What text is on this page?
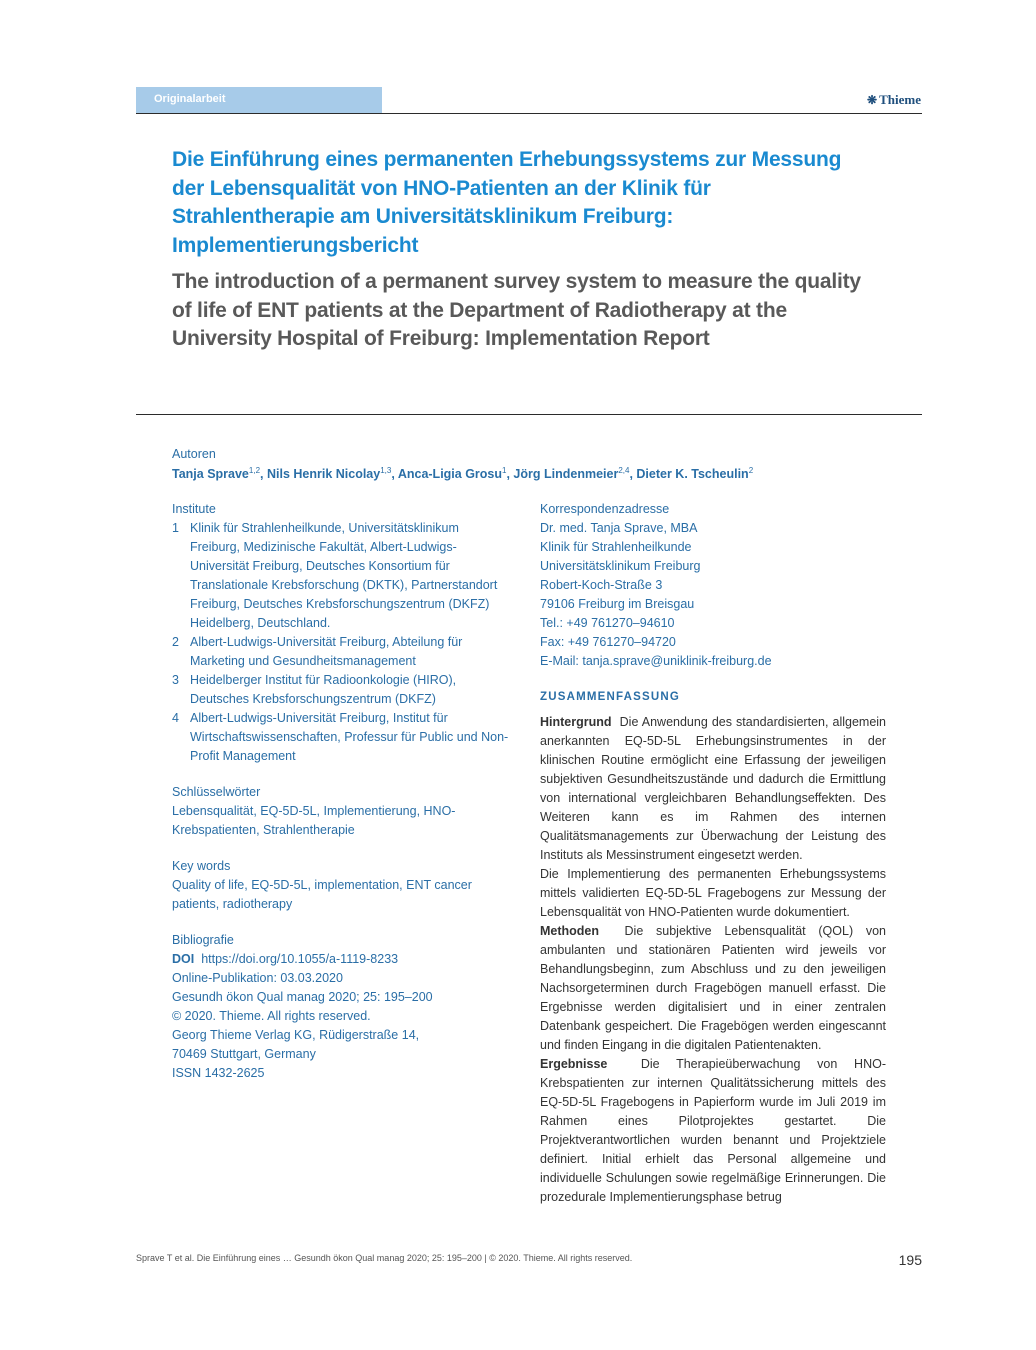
Originalarbeit	❋ Thieme
Die Einführung eines permanenten Erhebungssystems zur Messung der Lebensqualität von HNO-Patienten an der Klinik für Strahlentherapie am Universitätsklinikum Freiburg: Implementierungsbericht
The introduction of a permanent survey system to measure the quality of life of ENT patients at the Department of Radiotherapy at the University Hospital of Freiburg: Implementation Report
Autoren
Tanja Sprave$^{1,2}$, Nils Henrik Nicolay$^{1,3}$, Anca-Ligia Grosu$^1$, Jörg Lindenmeier$^{2,4}$, Dieter K. Tscheulin$^2$
Institute
1 Klinik für Strahlenheilkunde, Universitätsklinikum Freiburg, Medizinische Fakultät, Albert-Ludwigs-Universität Freiburg, Deutsches Konsortium für Translationale Krebsforschung (DKTK), Partnerstandort Freiburg, Deutsches Krebsforschungszentrum (DKFZ) Heidelberg, Deutschland.
2 Albert-Ludwigs-Universität Freiburg, Abteilung für Marketing und Gesundheitsmanagement
3 Heidelberger Institut für Radioonkologie (HIRO), Deutsches Krebsforschungszentrum (DKFZ)
4 Albert-Ludwigs-Universität Freiburg, Institut für Wirtschaftswissenschaften, Professur für Public und Non-Profit Management
Schlüsselwörter
Lebensqualität, EQ-5D-5L, Implementierung, HNO-Krebspatienten, Strahlentherapie
Key words
Quality of life, EQ-5D-5L, implementation, ENT cancer patients, radiotherapy
Bibliografie
DOI https://doi.org/10.1055/a-1119-8233
Online-Publikation: 03.03.2020
Gesundh ökon Qual manag 2020; 25: 195–200
© 2020. Thieme. All rights reserved.
Georg Thieme Verlag KG, Rüdigerstraße 14,
70469 Stuttgart, Germany
ISSN 1432-2625
Korrespondenzadresse
Dr. med. Tanja Sprave, MBA
Klinik für Strahlenheilkunde
Universitätsklinikum Freiburg
Robert-Koch-Straße 3
79106 Freiburg im Breisgau
Tel.: +49 761270–94610
Fax: +49 761270–94720
E-Mail: tanja.sprave@uniklinik-freiburg.de
ZUSAMMENFASSUNG

Hintergrund Die Anwendung des standardisierten, allgemein anerkannten EQ-5D-5L Erhebungsinstrumentes in der klinischen Routine ermöglicht eine Erfassung der jeweiligen subjektiven Gesundheitszustände und dadurch die Ermittlung von international vergleichbaren Behandlungseffekten. Des Weiteren kann es im Rahmen des internen Qualitätsmanagements zur Überwachung der Leistung des Instituts als Messinstrument eingesetzt werden.

Die Implementierung des permanenten Erhebungssystems mittels validierten EQ-5D-5L Fragebogens zur Messung der Lebensqualität von HNO-Patienten wurde dokumentiert.

Methoden Die subjektive Lebensqualität (QOL) von ambulanten und stationären Patienten wird jeweils vor Behandlungsbeginn, zum Abschluss und zu den jeweiligen Nachsorgeterminen durch Fragebögen manuell erfasst. Die Ergebnisse werden digitalisiert und in einer zentralen Datenbank gespeichert. Die Fragebögen werden eingescannt und finden Eingang in die digitalen Patientenakten.

Ergebnisse	Die Therapieüberwachung von HNO-Krebspatienten zur internen Qualitätssicherung mittels des EQ-5D-5L Fragebogens in Papierform wurde im Juli 2019 im Rahmen eines Pilotprojektes gestartet. Die Projektverantwortlichen wurden benannt und Projektziele definiert. Initial erhielt das Personal allgemeine und individuelle Schulungen sowie regelmäßige Erinnerungen. Die prozedurale Implementierungsphase betrug

Sprave T et al. Die Einführung eines … Gesundh ökon Qual manag 2020; 25: 195–200 | © 2020. Thieme. All rights reserved.	195
